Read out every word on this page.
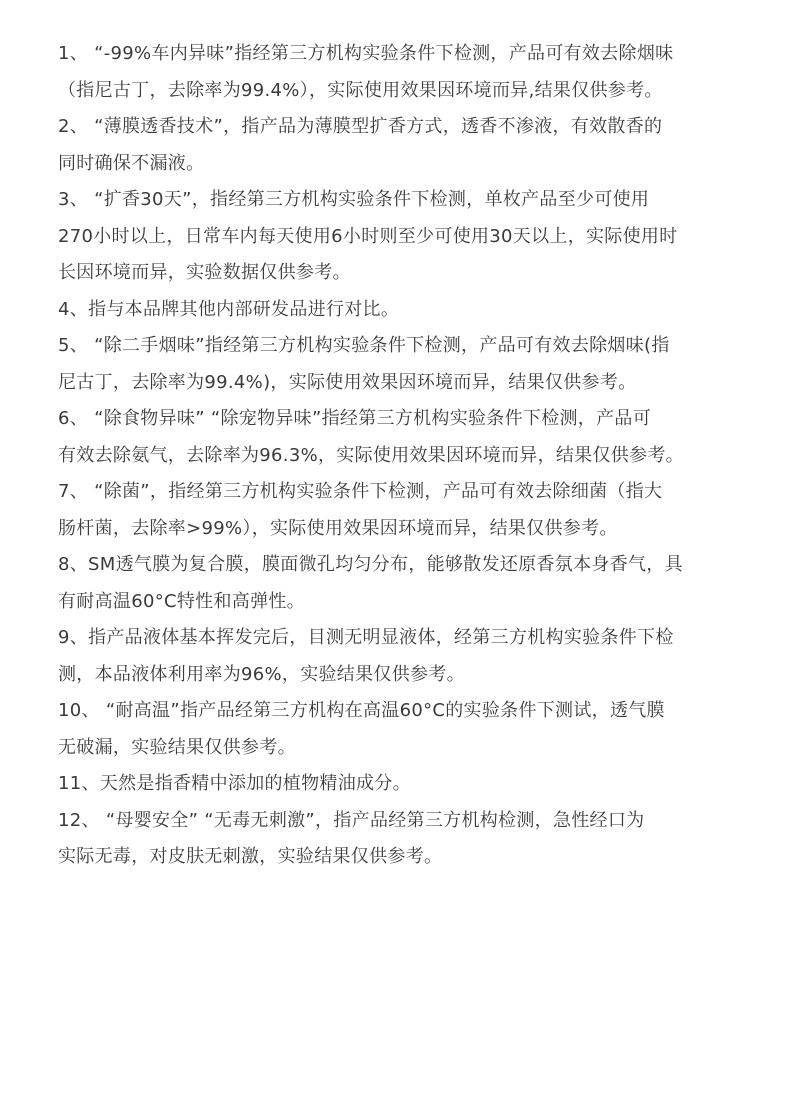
1、 “-99%车内异味”指经第三方机构实验条件下检测，产品可有效去除烟味
（指尼古丁，去除率为99.4%），实际使用效果因环境而异,结果仅供参考。
2、 “薄膜透香技术”，指产品为薄膜型扩香方式，透香不渗液，有效散香的
同时确保不漏液。
3、 “扩香30天”，指经第三方机构实验条件下检测，单枚产品至少可使用
270小时以上，日常车内每天使用6小时则至少可使用30天以上，实际使用时
长因环境而异，实验数据仅供参考。
4、指与本品牌其他内部研发品进行对比。
5、 “除二手烟味”指经第三方机构实验条件下检测，产品可有效去除烟味(指
尼古丁，去除率为99.4%)，实际使用效果因环境而异，结果仅供参考。
6、 “除食物异味” “除宠物异味”指经第三方机构实验条件下检测，产品可
有效去除氨气，去除率为96.3%，实际使用效果因环境而异，结果仅供参考。
7、 “除菌”，指经第三方机构实验条件下检测，产品可有效去除细菌（指大
肠杆菌，去除率>99%），实际使用效果因环境而异，结果仅供参考。
8、SM透气膜为复合膜，膜面微孔均匀分布，能够散发还原香氛本身香气，具
有耐高温60°C特性和高弹性。
9、指产品液体基本挥发完后，目测无明显液体，经第三方机构实验条件下检
测，本品液体利用率为96%，实验结果仅供参考。
10、 “耐高温”指产品经第三方机构在高温60°C的实验条件下测试，透气膜
无破漏，实验结果仅供参考。
11、天然是指香精中添加的植物精油成分。
12、 “母婴安全” “无毒无刺激”，指产品经第三方机构检测，急性经口为
实际无毒，对皮肤无刺激，实验结果仅供参考。
